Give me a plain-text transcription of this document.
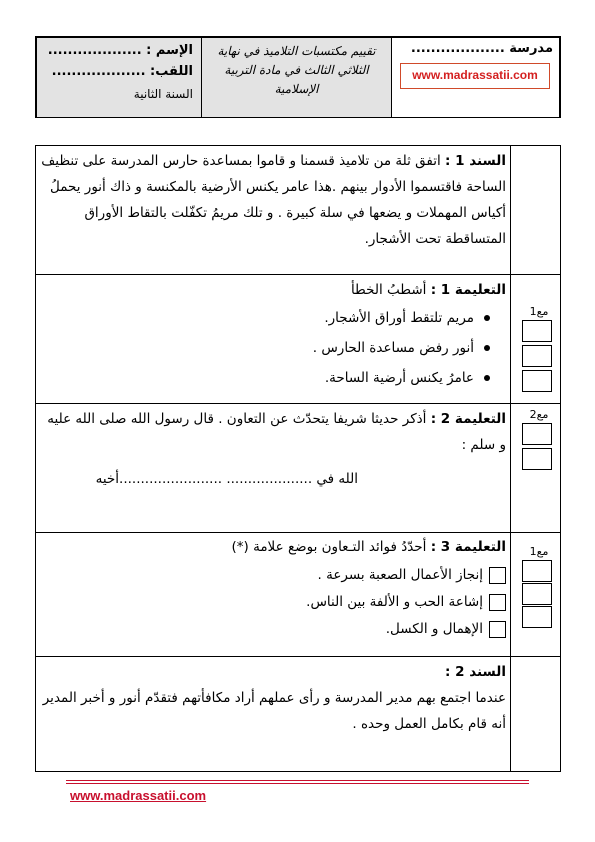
الإسم : ...................
اللقب: ...................
السنة الثانية
تقييم مكتسبات التلاميذ في نهاية
الثلاثي الثالث في مادة التربية
الإسلامية
مدرسة ...................
www.madrassatii.com
السند 1 : اتفق ثلة من تلاميذ قسمنا و قاموا بمساعدة حارس المدرسة على تنظيف الساحة فاقتسموا الأدوار بينهم .هذا عامر يكنس الأرضية بالمكنسة و ذاك أنور يحملُ أكياس المهملات و يضعها في سلة كبيرة . و تلك مريمُ تكفّلت بالتقاط الأوراق المتساقطة تحت الأشجار.
التعليمة 1 : أشطبُ الخطأ
مريم تلتقط أوراق الأشجار.
أنور رفض مساعدة الحارس .
عامرُ يكنس أرضية الساحة.
مع1
التعليمة 2 : أذكر حديثا شريفا يتحدّث عن التعاون . قال رسول الله صلى الله عليه و سلم :
الله في .................... ........................أخيه
مع2
التعليمة 3 : أحدّدُ فوائد التـعاون بوضع علامة (*)
إنجاز الأعمال الصعبة بسرعة .
إشاعة الحب و الألفة بين الناس.
الإهمال و الكسل.
مع1
السند 2 :
عندما اجتمع بهم مدير المدرسة و رأى عملهم أراد مكافأتهم فتقدّم أنور و أخبر المدير أنه قام بكامل العمل وحده .
www.madrassatii.com
